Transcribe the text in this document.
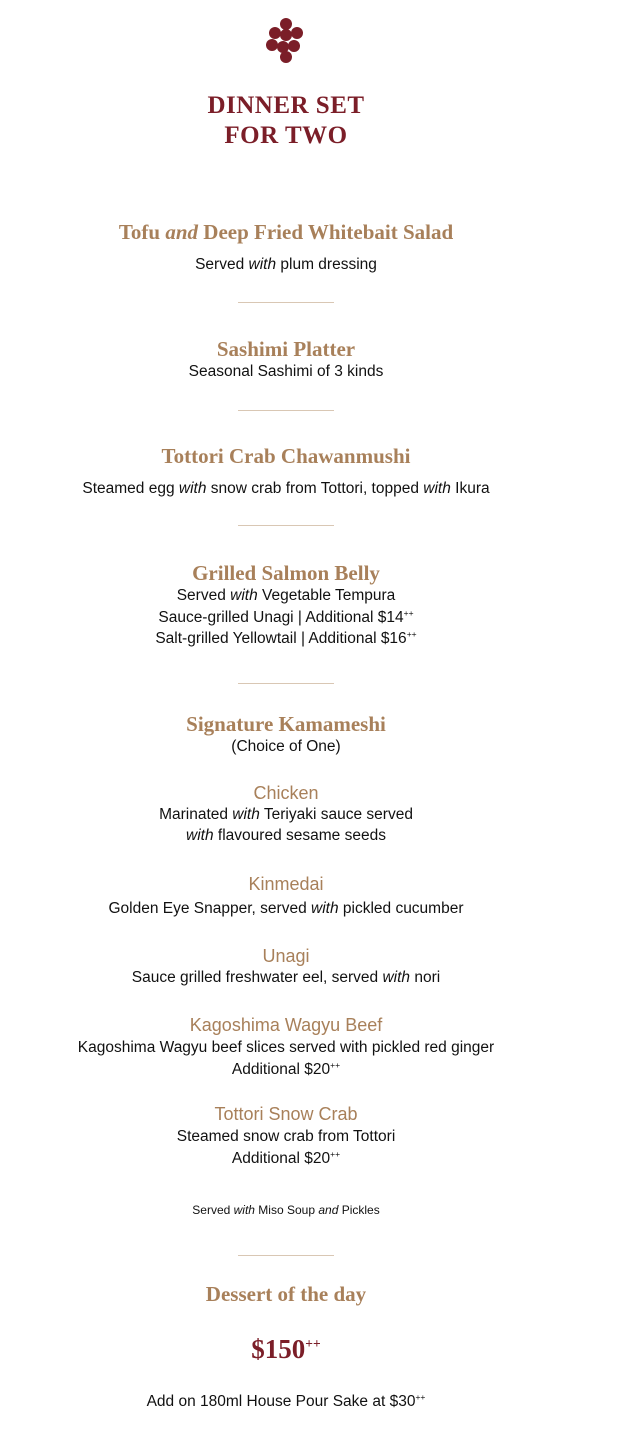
DINNER SET
FOR TWO
Tofu and Deep Fried Whitebait Salad
Served with plum dressing
Sashimi Platter
Seasonal Sashimi of 3 kinds
Tottori Crab Chawanmushi
Steamed egg with snow crab from Tottori, topped with Ikura
Grilled Salmon Belly
Served with Vegetable Tempura
Sauce-grilled Unagi | Additional $14++
Salt-grilled Yellowtail | Additional $16++
Signature Kamameshi
(Choice of One)
Chicken
Marinated with Teriyaki sauce served
with flavoured sesame seeds
Kinmedai
Golden Eye Snapper, served with pickled cucumber
Unagi
Sauce grilled freshwater eel, served with nori
Kagoshima Wagyu Beef
Kagoshima Wagyu beef slices served with pickled red ginger
Additional $20++
Tottori Snow Crab
Steamed snow crab from Tottori
Additional $20++
Served with Miso Soup and Pickles
Dessert of the day
$150++
Add on 180ml House Pour Sake at $30++
